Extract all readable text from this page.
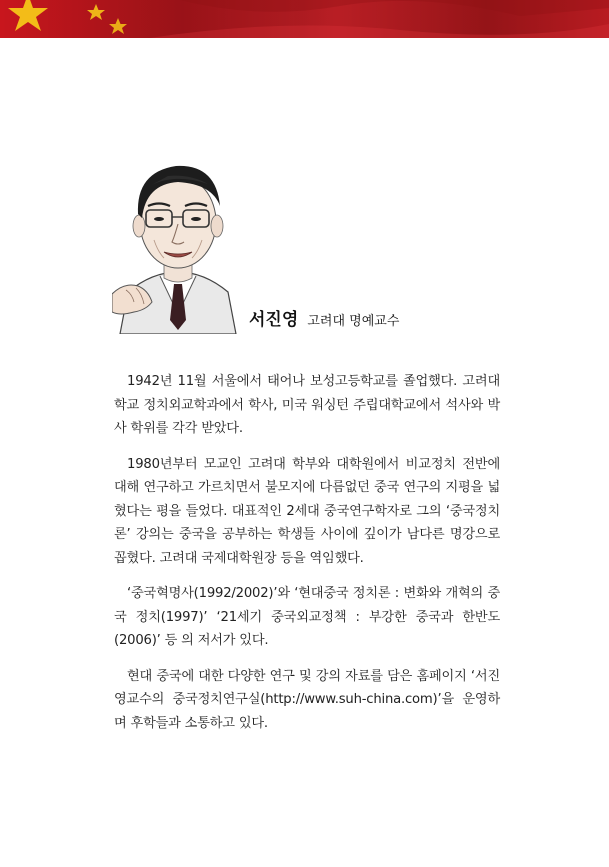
서진영 고려대 명예교수

1942년 11월 서울에서 태어나 보성고등학교를 졸업했다. 고려대학교 정치외교학과에서 학사, 미국 워싱턴 주립대학교에서 석사와 박사 학위를 각각 받았다.

1980년부터 모교인 고려대 학부와 대학원에서 비교정치 전반에 대해 연구하고 가르치면서 불모지에 다름없던 중국 연구의 지평을 넓혔다는 평을 들었다. 대표적인 2세대 중국연구학자로 그의 ‘중국정치론’ 강의는 중국을 공부하는 학생들 사이에 깊이가 남다른 명강으로 꼽혔다. 고려대 국제대학원장 등을 역임했다.

‘중국혁명사(1992/2002)’와 ‘현대중국 정치론 : 변화와 개혁의 중국 정치(1997)’ ‘21세기 중국외교정책 : 부강한 중국과 한반도(2006)’ 등 의 저서가 있다.

현대 중국에 대한 다양한 연구 및 강의 자료를 담은 홈페이지 ‘서진영교수의 중국정치연구실(http://www.suh-china.com)’을 운영하며 후학들과 소통하고 있다.
